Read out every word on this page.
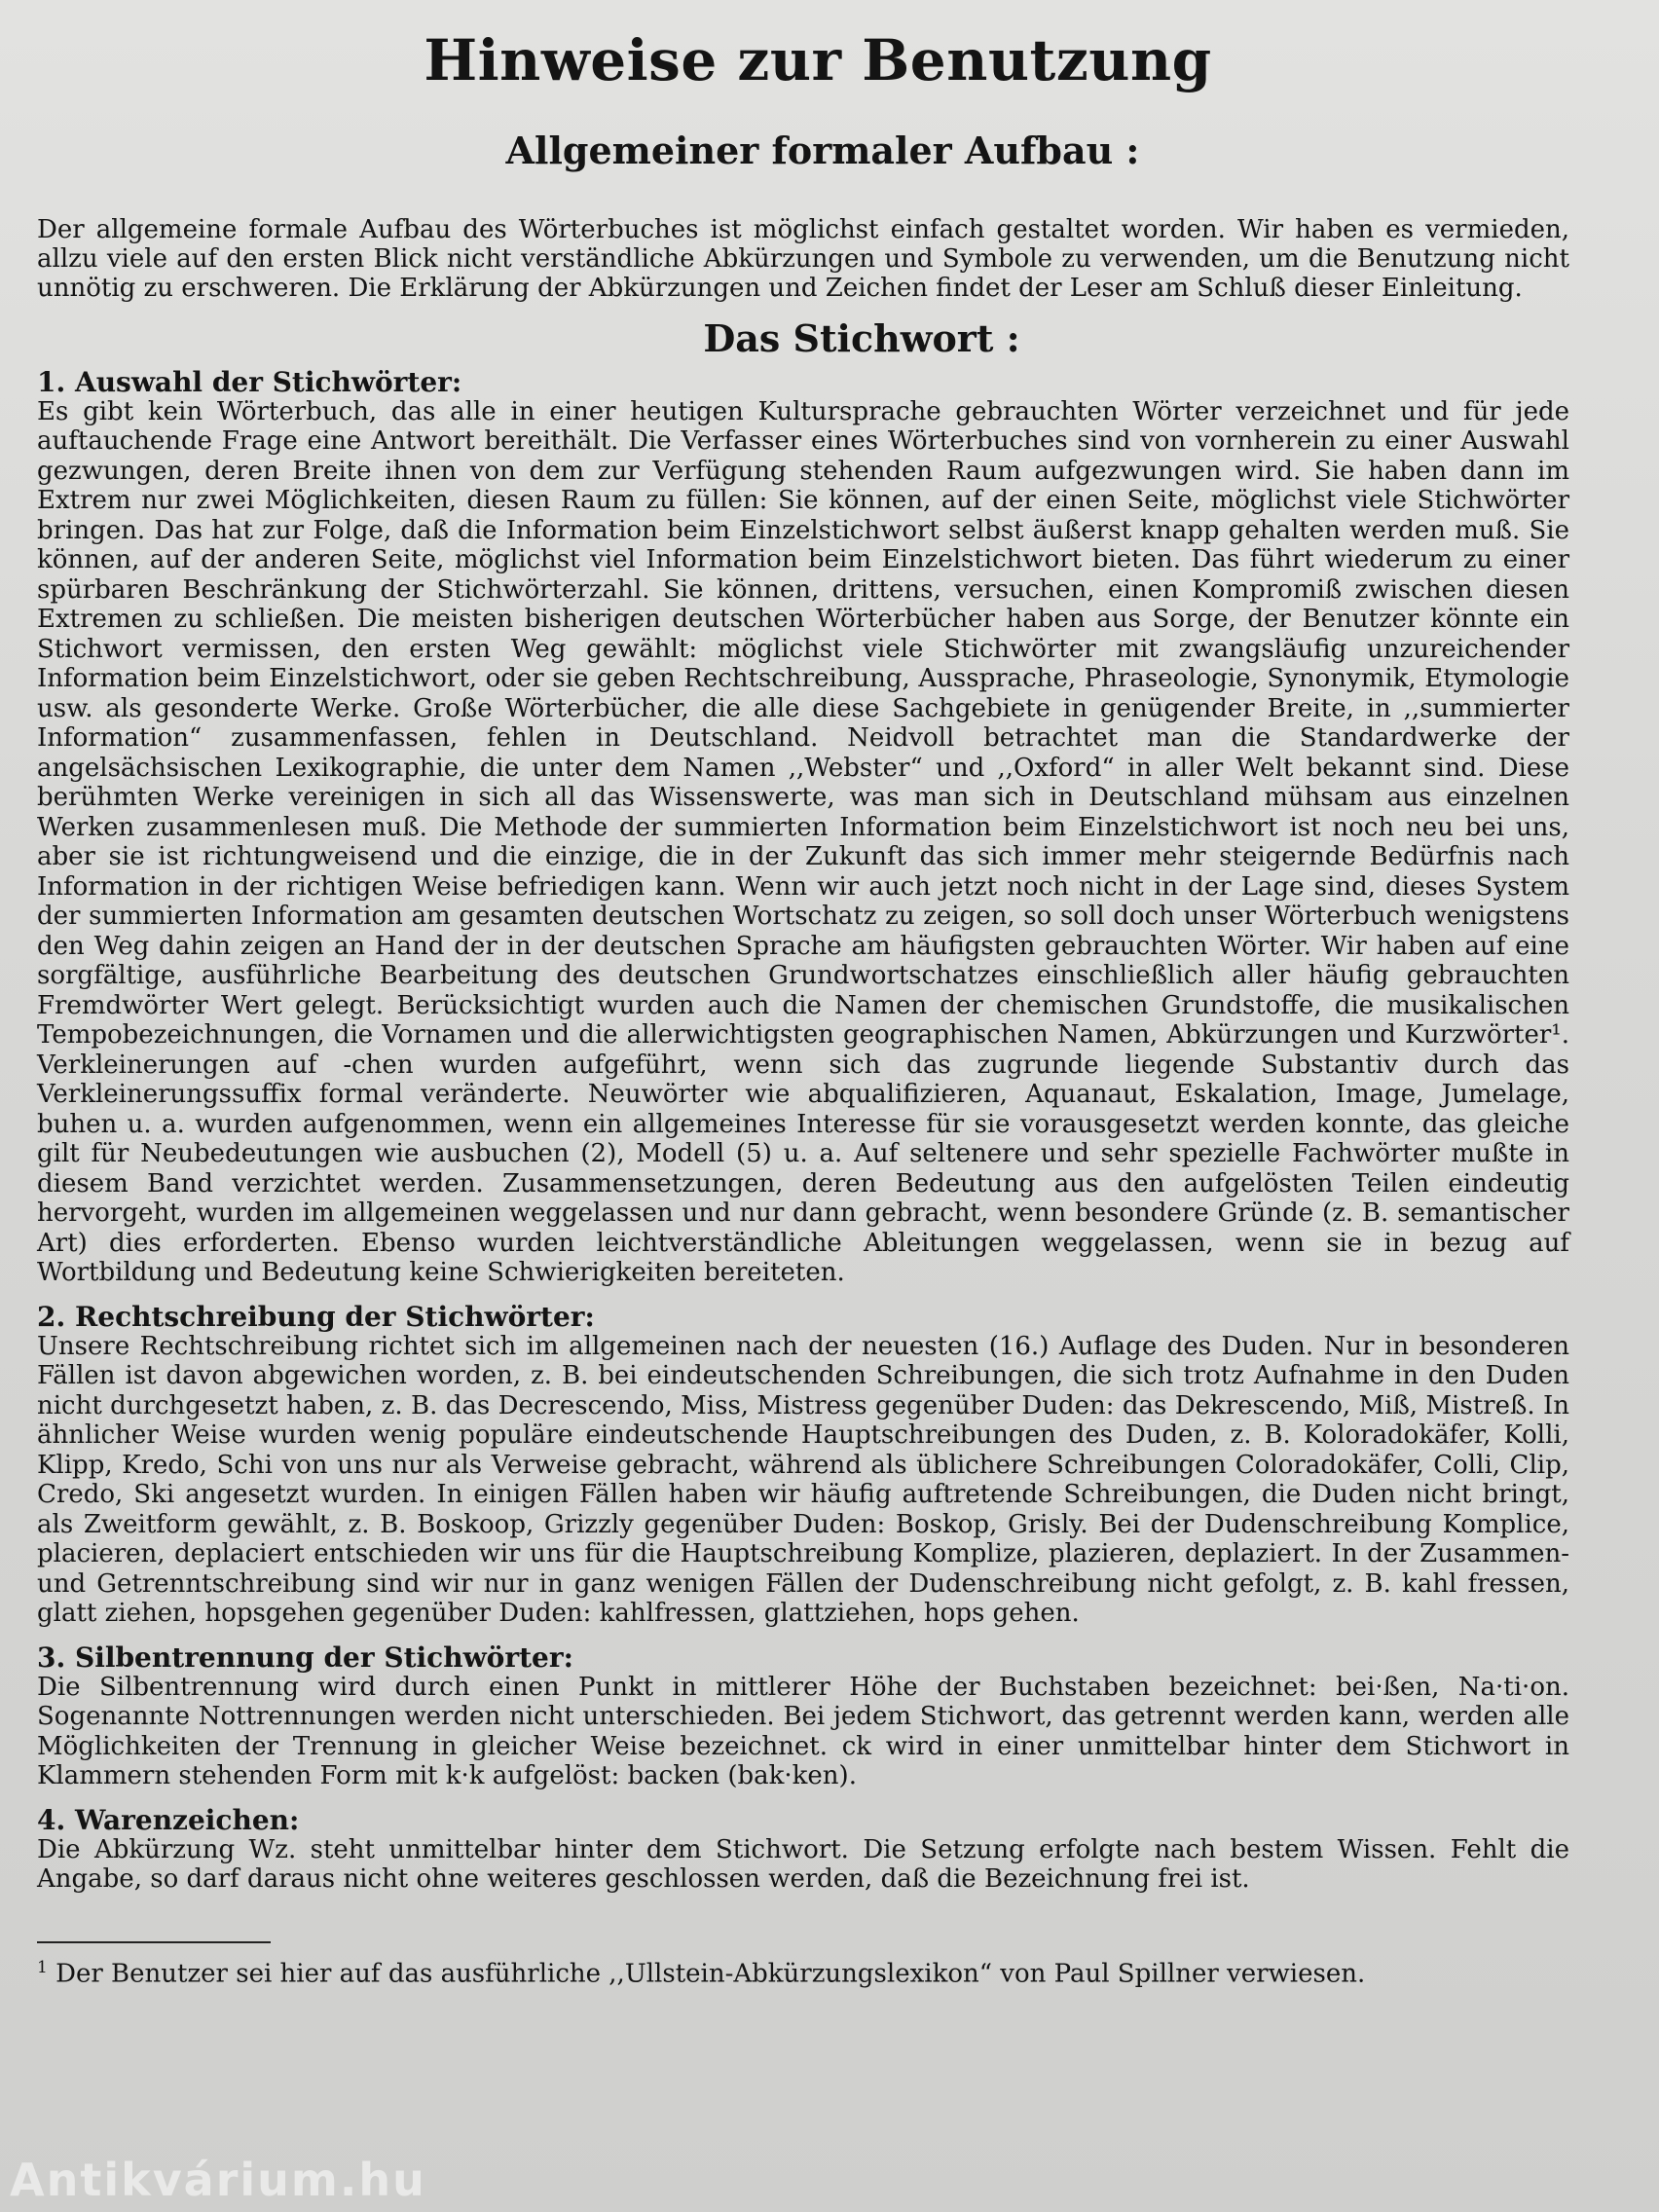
Hinweise zur Benutzung
Allgemeiner formaler Aufbau :

Der allgemeine formale Aufbau des Wörterbuches ist möglichst einfach gestaltet worden. Wir haben es vermieden, allzu viele auf den ersten Blick nicht verständliche Abkürzungen und Symbole zu verwenden, um die Benutzung nicht unnötig zu erschweren. Die Erklärung der Abkürzungen und Zeichen findet der Leser am Schluß dieser Einleitung.

Das Stichwort :
1. Auswahl der Stichwörter:

Es gibt kein Wörterbuch, das alle in einer heutigen Kultursprache gebrauchten Wörter verzeichnet und für jede auftauchende Frage eine Antwort bereithält. Die Verfasser eines Wörterbuches sind von vornherein zu einer Auswahl gezwungen, deren Breite ihnen von dem zur Verfügung stehenden Raum aufgezwungen wird. Sie haben dann im Extrem nur zwei Möglichkeiten, diesen Raum zu füllen: Sie können, auf der einen Seite, möglichst viele Stichwörter bringen. Das hat zur Folge, daß die Information beim Einzelstichwort selbst äußerst knapp gehalten werden muß. Sie können, auf der anderen Seite, möglichst viel Information beim Einzelstichwort bieten. Das führt wiederum zu einer spürbaren Beschränkung der Stichwörterzahl. Sie können, drittens, versuchen, einen Kompromiß zwischen diesen Extremen zu schließen. Die meisten bisherigen deutschen Wörterbücher haben aus Sorge, der Benutzer könnte ein Stichwort vermissen, den ersten Weg gewählt: möglichst viele Stichwörter mit zwangsläufig unzureichender Information beim Einzelstichwort, oder sie geben Rechtschreibung, Aussprache, Phraseologie, Synonymik, Etymologie usw. als gesonderte Werke. Große Wörterbücher, die alle diese Sachgebiete in genügender Breite, in ,,summierter Information“ zusammenfassen, fehlen in Deutschland. Neidvoll betrachtet man die Standardwerke der angelsächsischen Lexikographie, die unter dem Namen ,,Webster“ und ,,Oxford“ in aller Welt bekannt sind. Diese berühmten Werke vereinigen in sich all das Wissenswerte, was man sich in Deutschland mühsam aus einzelnen Werken zusammenlesen muß. Die Methode der summierten Information beim Einzelstichwort ist noch neu bei uns, aber sie ist richtungweisend und die einzige, die in der Zukunft das sich immer mehr steigernde Bedürfnis nach Information in der richtigen Weise befriedigen kann. Wenn wir auch jetzt noch nicht in der Lage sind, dieses System der summierten Information am gesamten deutschen Wortschatz zu zeigen, so soll doch unser Wörterbuch wenigstens den Weg dahin zeigen an Hand der in der deutschen Sprache am häufigsten gebrauchten Wörter. Wir haben auf eine sorgfältige, ausführliche Bearbeitung des deutschen Grundwortschatzes einschließlich aller häufig gebrauchten Fremdwörter Wert gelegt. Berücksichtigt wurden auch die Namen der chemischen Grundstoffe, die musikalischen Tempobezeichnungen, die Vornamen und die allerwichtigsten geographischen Namen, Abkürzungen und Kurzwörter¹. Verkleinerungen auf -chen wurden aufgeführt, wenn sich das zugrunde liegende Substantiv durch das Verkleinerungssuffix formal veränderte. Neuwörter wie abqualifizieren, Aquanaut, Eskalation, Image, Jumelage, buhen u. a. wurden aufgenommen, wenn ein allgemeines Interesse für sie vorausgesetzt werden konnte, das gleiche gilt für Neubedeutungen wie ausbuchen (2), Modell (5) u. a. Auf seltenere und sehr spezielle Fachwörter mußte in diesem Band verzichtet werden. Zusammensetzungen, deren Bedeutung aus den aufgelösten Teilen eindeutig hervorgeht, wurden im allgemeinen weggelassen und nur dann gebracht, wenn besondere Gründe (z. B. semantischer Art) dies erforderten. Ebenso wurden leichtverständliche Ableitungen weggelassen, wenn sie in bezug auf Wortbildung und Bedeutung keine Schwierigkeiten bereiteten.

2. Rechtschreibung der Stichwörter:

Unsere Rechtschreibung richtet sich im allgemeinen nach der neuesten (16.) Auflage des Duden. Nur in besonderen Fällen ist davon abgewichen worden, z. B. bei eindeutschenden Schreibungen, die sich trotz Aufnahme in den Duden nicht durchgesetzt haben, z. B. das Decrescendo, Miss, Mistress gegenüber Duden: das Dekrescendo, Miß, Mistreß. In ähnlicher Weise wurden wenig populäre eindeutschende Hauptschreibungen des Duden, z. B. Koloradokäfer, Kolli, Klipp, Kredo, Schi von uns nur als Verweise gebracht, während als üblichere Schreibungen Coloradokäfer, Colli, Clip, Credo, Ski angesetzt wurden. In einigen Fällen haben wir häufig auftretende Schreibungen, die Duden nicht bringt, als Zweitform gewählt, z. B. Boskoop, Grizzly gegenüber Duden: Boskop, Grisly. Bei der Dudenschreibung Komplice, placieren, deplaciert entschieden wir uns für die Hauptschreibung Komplize, plazieren, deplaziert. In der Zusammen- und Getrenntschreibung sind wir nur in ganz wenigen Fällen der Dudenschreibung nicht gefolgt, z. B. kahl fressen, glatt ziehen, hopsgehen gegenüber Duden: kahlfressen, glattziehen, hops gehen.

3. Silbentrennung der Stichwörter:

Die Silbentrennung wird durch einen Punkt in mittlerer Höhe der Buchstaben bezeichnet: bei·ßen, Na·ti·on. Sogenannte Nottrennungen werden nicht unterschieden. Bei jedem Stichwort, das getrennt werden kann, werden alle Möglichkeiten der Trennung in gleicher Weise bezeichnet. ck wird in einer unmittelbar hinter dem Stichwort in Klammern stehenden Form mit k·k aufgelöst: backen (bak·ken).

4. Warenzeichen:

Die Abkürzung Wz. steht unmittelbar hinter dem Stichwort. Die Setzung erfolgte nach bestem Wissen. Fehlt die Angabe, so darf daraus nicht ohne weiteres geschlossen werden, daß die Bezeichnung frei ist.

$^1$ Der Benutzer sei hier auf das ausführliche ,,Ullstein-Abkürzungslexikon“ von Paul Spillner verwiesen.

Antikvárium.hu
